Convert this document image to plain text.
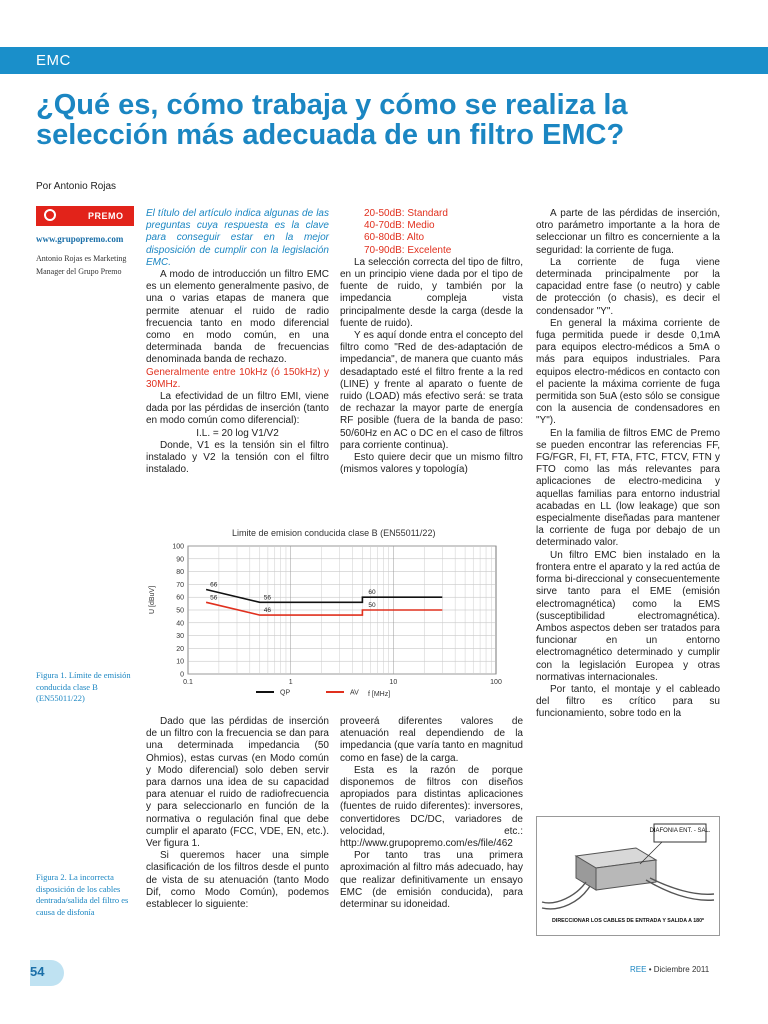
EMC
¿Qué es, cómo trabaja y cómo se realiza la selección más adecuada de un filtro EMC?
Por Antonio Rojas
PREMO
www.grupopremo.com
Antonio Rojas es Marketing Manager del Grupo Premo

El título del artículo indica algunas de las preguntas cuya respuesta es la clave para conseguir estar en la mejor disposición de cumplir con la legislación EMC.

A modo de introducción un filtro EMC es un elemento generalmente pasivo, de una o varias etapas de manera que permite atenuar el ruido de radio frecuencia tanto en modo diferencial como en modo común, en una determinada banda de frecuencias denominada banda de rechazo.

Generalmente entre 10kHz (ó 150kHz) y 30MHz.

La efectividad de un filtro EMI, viene dada por las pérdidas de inserción (tanto en modo común como diferencial):

I.L. = 20 log V1/V2

Donde, V1 es la tensión sin el filtro instalado y V2 la tensión con el filtro instalado.

20-50dB: Standard
40-70dB: Medio
60-80dB: Alto
70-90dB: Excelente

La selección correcta del tipo de filtro, en un principio viene dada por el tipo de fuente de ruido, y también por la impedancia compleja vista principalmente desde la carga (desde la fuente de ruido).

Y es aquí donde entra el concepto del filtro como "Red de des-adaptación de impedancia", de manera que cuanto más desadaptado esté el filtro frente a la red (LINE) y frente al aparato o fuente de ruido (LOAD) más efectivo será: se trata de rechazar la mayor parte de energía RF posible (fuera de la banda de paso: 50/60Hz en AC o DC en el caso de filtros para corriente continua).

Esto quiere decir que un mismo filtro (mismos valores y topología)

A parte de las pérdidas de inserción, otro parámetro importante a la hora de seleccionar un filtro es concerniente a la seguridad: la corriente de fuga.

La corriente de fuga viene determinada principalmente por la capacidad entre fase (o neutro) y cable de protección (o chasis), es decir el condensador "Y".

En general la máxima corriente de fuga permitida puede ir desde 0,1mA para equipos electro-médicos a 5mA o más para equipos industriales. Para equipos electro-médicos en contacto con el paciente la máxima corriente de fuga permitida son 5uA (esto sólo se consigue con la ausencia de condensadores en "Y").

En la familia de filtros EMC de Premo se pueden encontrar las referencias FF, FG/FGR, FI, FT, FTA, FTC, FTCV, FTN y FTO como las más relevantes para aplicaciones de electro-medicina y aquellas familias para entorno industrial acabadas en LL (low leakage) que son especialmente diseñadas para mantener la corriente de fuga por debajo de un determinado valor.

Un filtro EMC bien instalado en la frontera entre el aparato y la red actúa de forma bi-direccional y consecuentemente sirve tanto para el EME (emisión electromagnética) como la EMS (susceptibilidad electromagnética). Ambos aspectos deben ser tratados para funcionar en un entorno electromagnético determinado y cumplir con la legislación Europea y otras normativas internacionales.

Por tanto, el montaje y el cableado del filtro es crítico para su funcionamiento, sobre todo en la

Figura 1. Límite de emisión conducida clase B (EN55011/22)
Limite de emision conducida clase B (EN55011/22)
0
10
20
30
40
50
60
70
80
90
100
0.1	1	10	100
66
56	56
46
60
50
U [dBuV]
f [MHz]
QP	AV

Dado que las pérdidas de inserción de un filtro con la frecuencia se dan para una determinada impedancia (50 Ohmios), estas curvas (en Modo común y Modo diferencial) solo deben servir para darnos una idea de su capacidad para atenuar el ruido de radiofrecuencia y para seleccionarlo en función de la normativa o regulación final que debe cumplir el aparato (FCC, VDE, EN, etc.). Ver figura 1.

Si queremos hacer una simple clasificación de los filtros desde el punto de vista de su atenuación (tanto Modo Dif, como Modo Común), podemos establecer lo siguiente:

proveerá diferentes valores de atenuación real dependiendo de la impedancia (que varía tanto en magnitud como en fase) de la carga.

Esta es la razón de porque disponemos de filtros con diseños apropiados para distintas aplicaciones (fuentes de ruido diferentes): inversores, convertidores DC/DC, variadores de velocidad, etc.: http://www.grupopremo.com/es/file/462

Por tanto tras una primera aproximación al filtro más adecuado, hay que realizar definitivamente un ensayo EMC (de emisión conducida), para determinar su idoneidad.

Figura 2. La incorrecta disposición de los cables dentrada/salida del filtro es causa de disfonía
DIAFONIA ENT. - SAL.
DIRECCIONAR LOS CABLES DE ENTRADA Y SALIDA A 180º
54	REE • Diciembre 2011
